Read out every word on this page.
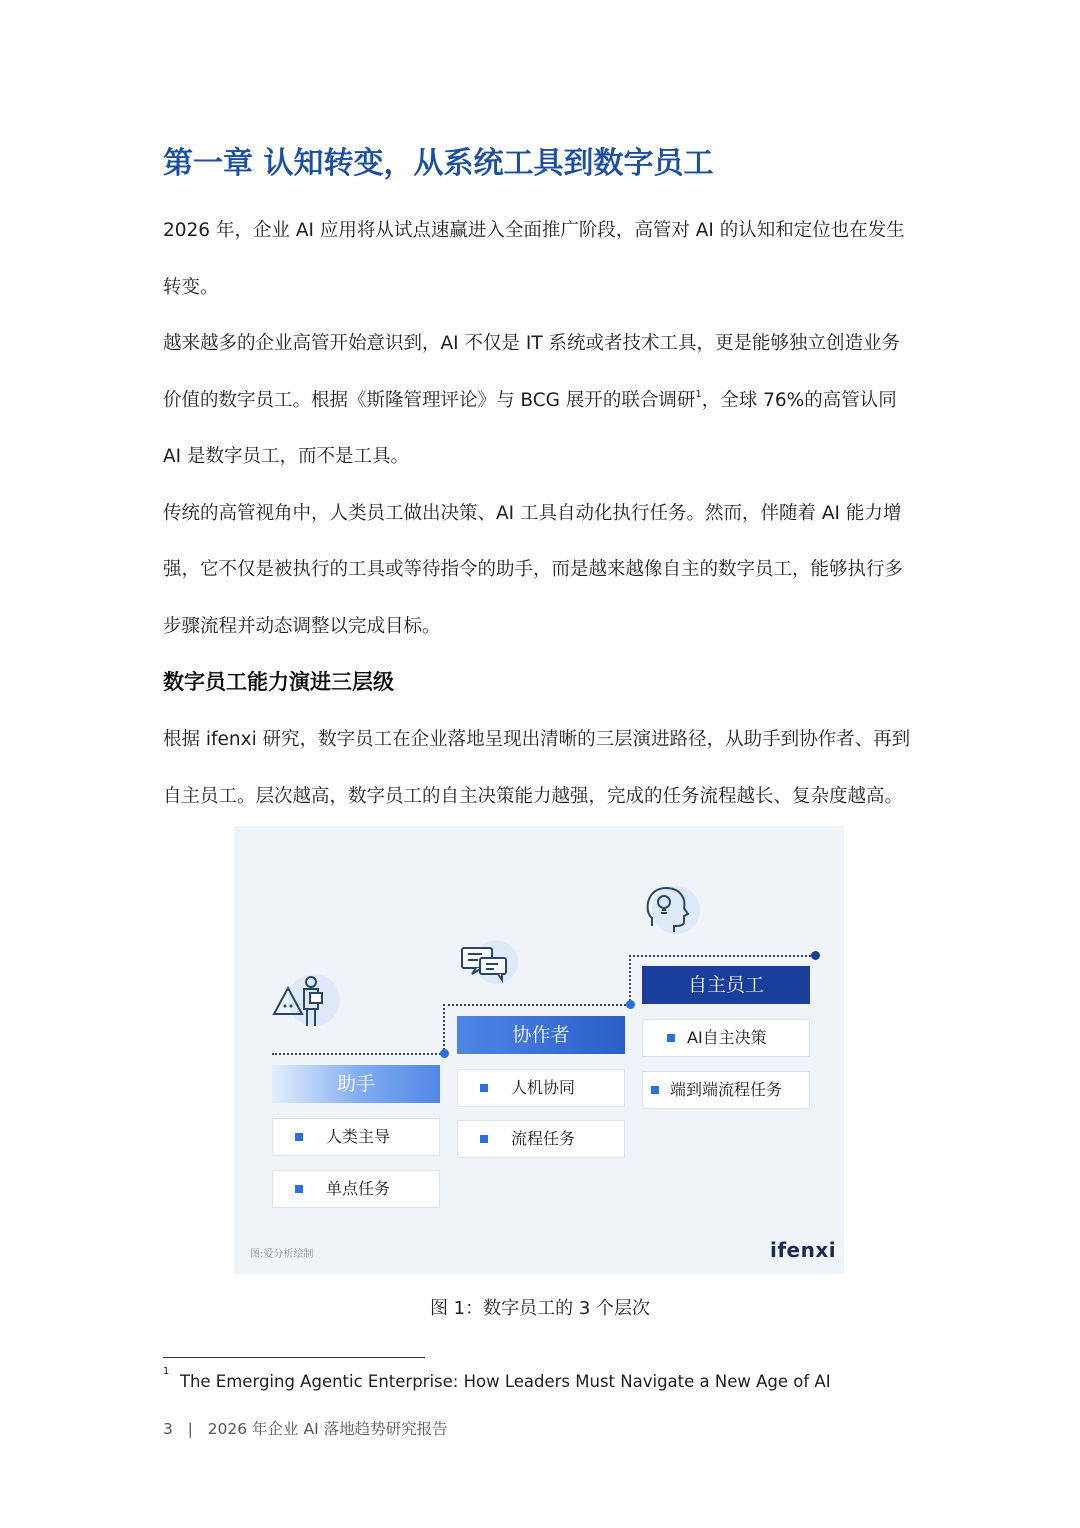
第一章 认知转变，从系统工具到数字员工
2026 年，企业 AI 应用将从试点速赢进入全面推广阶段，高管对 AI 的认知和定位也在发生
转变。
越来越多的企业高管开始意识到，AI 不仅是 IT 系统或者技术工具，更是能够独立创造业务
价值的数字员工。根据《斯隆管理评论》与 BCG 展开的联合调研$^1$，全球 76%的高管认同
AI 是数字员工，而不是工具。
传统的高管视角中，人类员工做出决策、AI 工具自动化执行任务。然而，伴随着 AI 能力增
强，它不仅是被执行的工具或等待指令的助手，而是越来越像自主的数字员工，能够执行多
步骤流程并动态调整以完成目标。
数字员工能力演进三层级
根据 ifenxi 研究，数字员工在企业落地呈现出清晰的三层演进路径，从助手到协作者、再到
自主员工。层次越高，数字员工的自主决策能力越强，完成的任务流程越长、复杂度越高。
助手
协作者
自主员工
人类主导
单点任务
人机协同
流程任务
AI自主决策
端到端流程任务
图:爱分析绘制	ifenxi
图 1：数字员工的 3 个层次
$^1$  The Emerging Agentic Enterprise: How Leaders Must Navigate a New Age of AI
3 | 2026 年企业 AI 落地趋势研究报告
